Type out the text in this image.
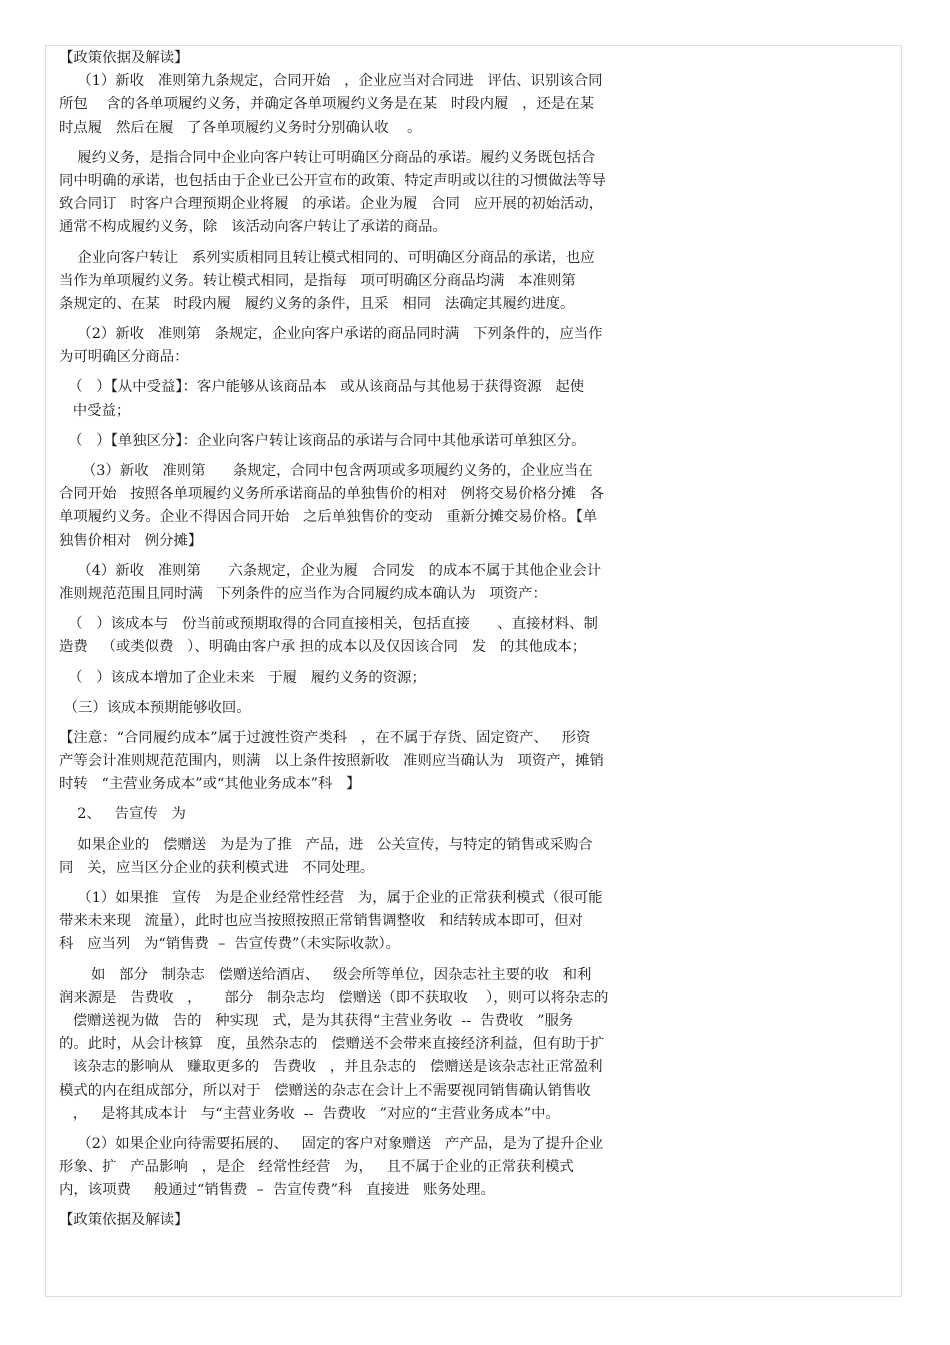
【政策依据及解读】
（1）新收   准则第九条规定，合同开始   ，企业应当对合同进   评估、识别该合同
所包    含的各单项履约义务，并确定各单项履约义务是在某   时段内履   ，还是在某
时点履   然后在履   了各单项履约义务时分别确认收    。
履约义务，是指合同中企业向客户转让可明确区分商品的承诺。履约义务既包括合
同中明确的承诺，也包括由于企业已公开宣布的政策、特定声明或以往的习惯做法等导
致合同订   时客户合理预期企业将履   的承诺。企业为履   合同   应开展的初始活动，
通常不构成履约义务，除   该活动向客户转让了承诺的商品。
企业向客户转让   系列实质相同且转让模式相同的、可明确区分商品的承诺，也应
当作为单项履约义务。转让模式相同，是指每   项可明确区分商品均满   本准则第
条规定的、在某   时段内履   履约义务的条件，且采   相同   法确定其履约进度。
（2）新收   准则第   条规定，企业向客户承诺的商品同时满   下列条件的，应当作
为可明确区分商品：
（   ）【从中受益】：客户能够从该商品本   或从该商品与其他易于获得资源   起使
中受益；
（   ）【单独区分】：企业向客户转让该商品的承诺与合同中其他承诺可单独区分。
（3）新收   准则第      条规定，合同中包含两项或多项履约义务的，企业应当在
合同开始   按照各单项履约义务所承诺商品的单独售价的相对   例将交易价格分摊   各
单项履约义务。企业不得因合同开始   之后单独售价的变动   重新分摊交易价格。【单
独售价相对   例分摊】
（4）新收   准则第      六条规定，企业为履   合同发   的成本不属于其他企业会计
准则规范范围且同时满   下列条件的应当作为合同履约成本确认为   项资产：
（   ）该成本与   份当前或预期取得的合同直接相关，包括直接      、直接材料、制
造费   （或类似费   ）、明确由客户承 担的成本以及仅因该合同   发   的其他成本；
（   ）该成本增加了企业未来   于履   履约义务的资源；
（三）该成本预期能够收回。
【注意：“合同履约成本”属于过渡性资产类科   ，在不属于存货、固定资产、   形资
产等会计准则规范范围内，则满   以上条件按照新收   准则应当确认为   项资产，摊销
时转   “主营业务成本”或“其他业务成本”科   】
2、   告宣传   为
如果企业的   偿赠送   为是为了推   产品，进   公关宣传，与特定的销售或采购合
同   关，应当区分企业的获利模式进   不同处理。
（1）如果推   宣传   为是企业经常性经营   为，属于企业的正常获利模式（很可能
带来未来现   流量），此时也应当按照按照正常销售调整收   和结转成本即可，但对
科   应当列   为“销售费  –  告宣传费”（未实际收款）。
如   部分   制杂志   偿赠送给酒店、   级会所等单位，因杂志社主要的收   和利
润来源是   告费收   ，     部分   制杂志均   偿赠送（即不获取收    ），则可以将杂志的
偿赠送视为做   告的   种实现   式，是为其获得“主营业务收  --  告费收   ”服务
的。此时，从会计核算   度，虽然杂志的   偿赠送不会带来直接经济利益，但有助于扩
该杂志的影响从   赚取更多的   告费收   ，并且杂志的   偿赠送是该杂志社正常盈利
模式的内在组成部分，所以对于   偿赠送的杂志在会计上不需要视同销售确认销售收
，   是将其成本计   与“主营业务收  --  告费收   ”对应的“主营业务成本”中。
（2）如果企业向待需要拓展的、   固定的客户对象赠送   产产品，是为了提升企业
形象、扩   产品影响   ，是企   经常性经营   为，   且不属于企业的正常获利模式
内，该项费     般通过“销售费  –  告宣传费”科   直接进   账务处理。
【政策依据及解读】
